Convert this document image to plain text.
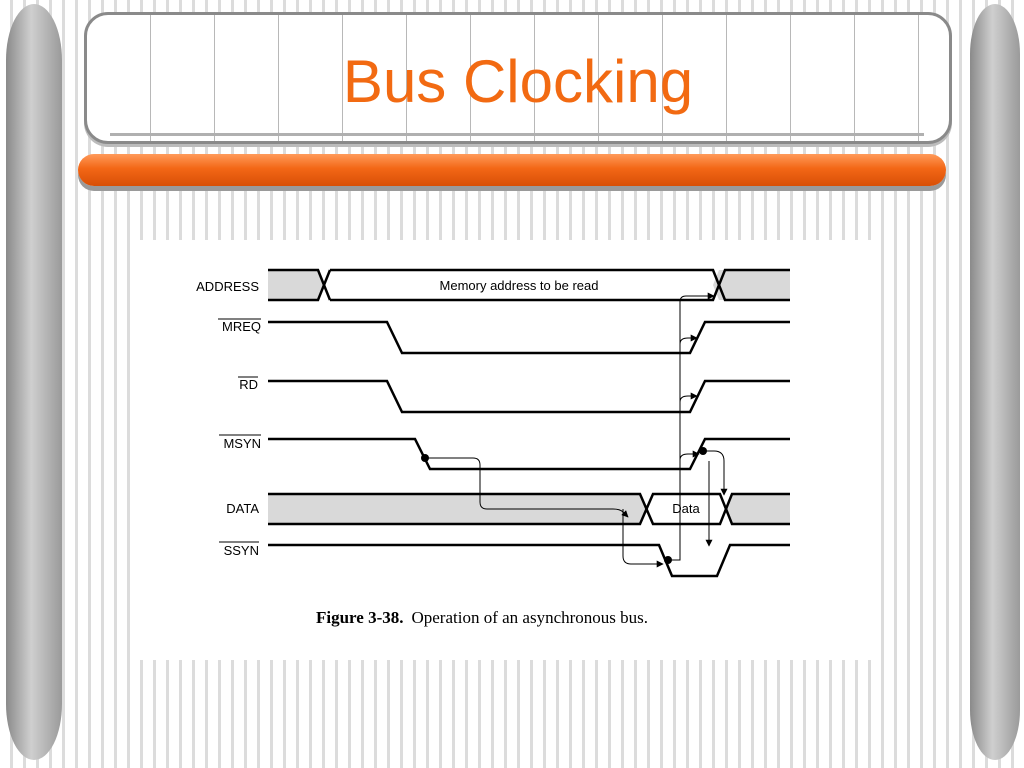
Bus Clocking
ADDRESS
MREQ
RD
MSYN
DATA
SSYN
Memory address to be read
Data
Figure 3-38. Operation of an asynchronous bus.
